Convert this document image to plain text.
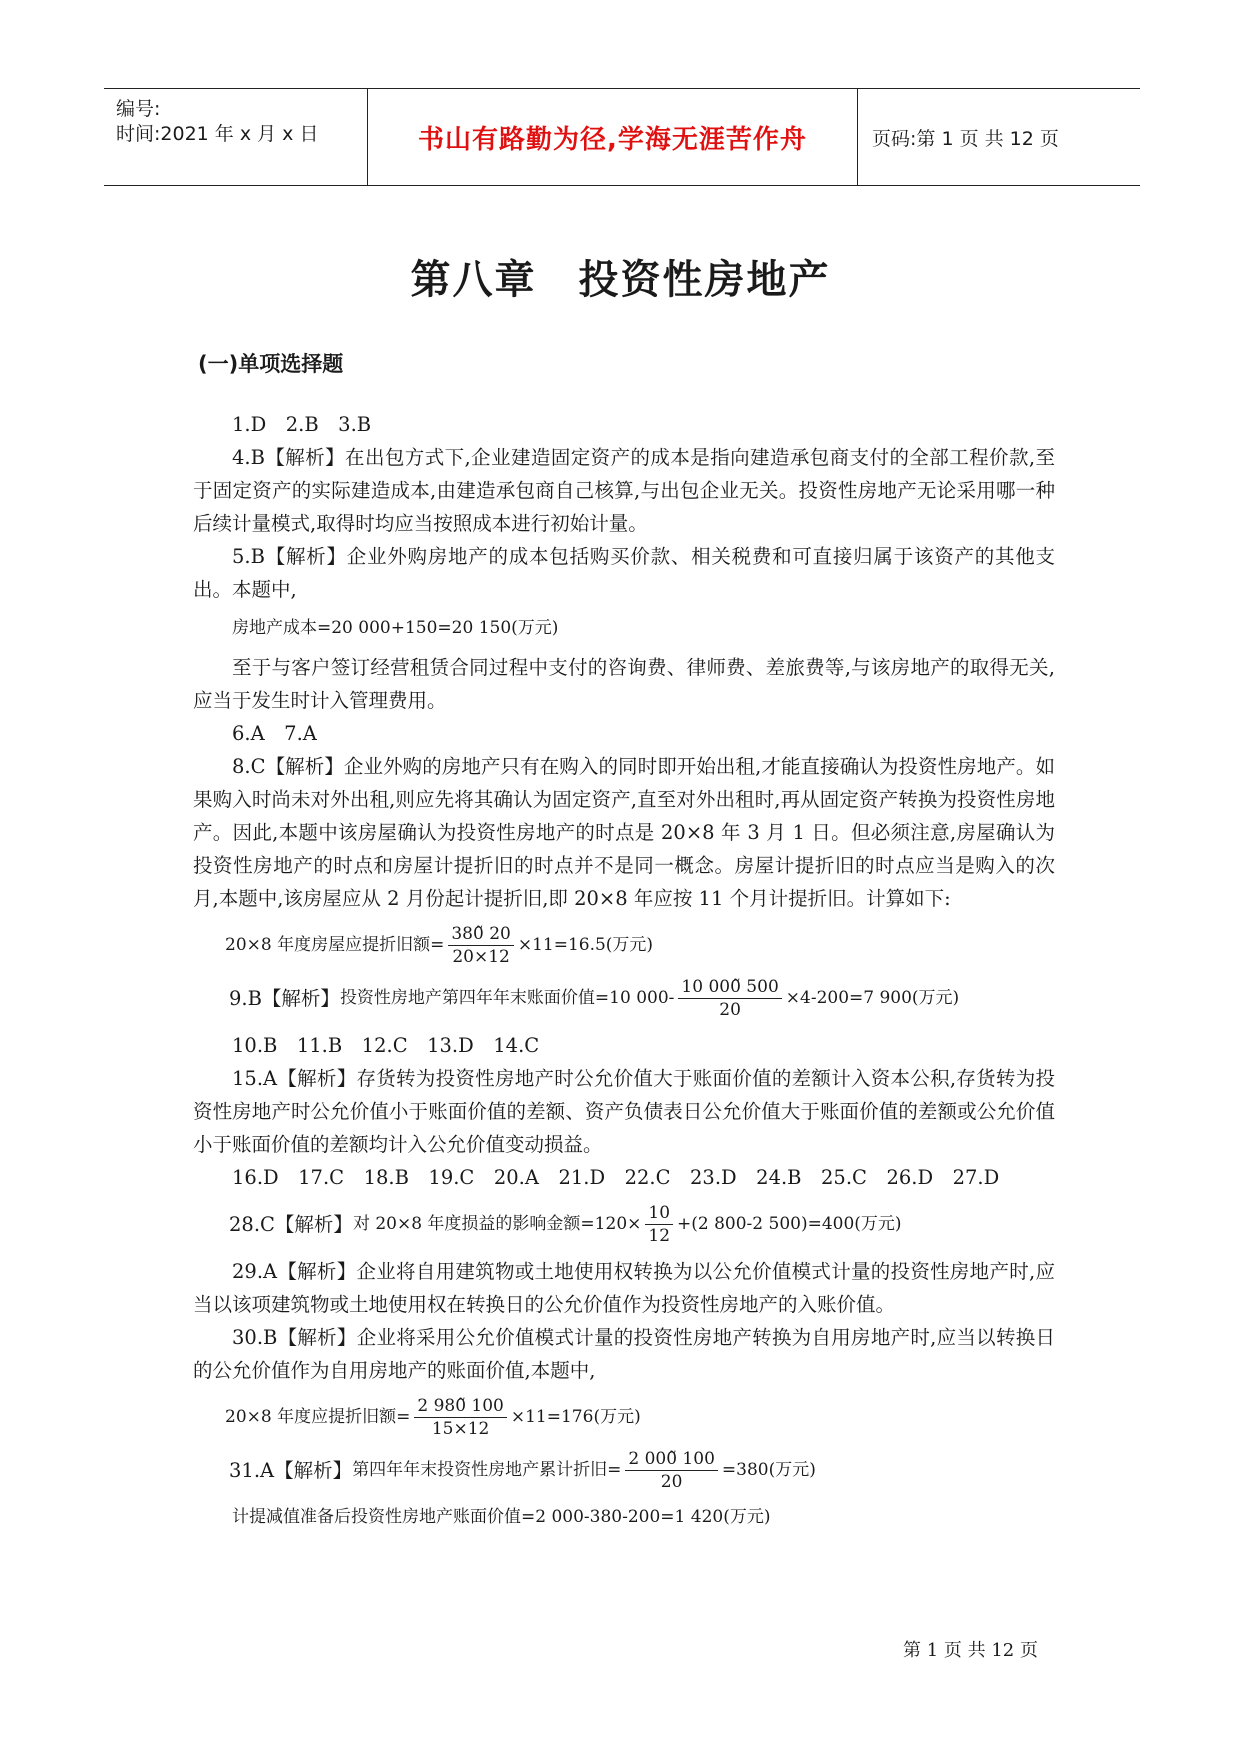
编号:
时间:2021 年 x 月 x 日	书山有路勤为径,学海无涯苦作舟	页码:第 1 页 共 12 页
第八章　投资性房地产
(一)单项选择题

1.D　2.B　3.B

4.B【解析】在出包方式下,企业建造固定资产的成本是指向建造承包商支付的全部工程价款,至于固定资产的实际建造成本,由建造承包商自己核算,与出包企业无关。投资性房地产无论采用哪一种后续计量模式,取得时均应当按照成本进行初始计量。

5.B【解析】企业外购房地产的成本包括购买价款、相关税费和可直接归属于该资产的其他支出。本题中,

房地产成本=20 000+150=20 150(万元)

至于与客户签订经营租赁合同过程中支付的咨询费、律师费、差旅费等,与该房地产的取得无关,应当于发生时计入管理费用。

6.A　7.A

8.C【解析】企业外购的房地产只有在购入的同时即开始出租,才能直接确认为投资性房地产。如果购入时尚未对外出租,则应先将其确认为固定资产,直至对外出租时,再从固定资产转换为投资性房地产。因此,本题中该房屋确认为投资性房地产的时点是 20×8 年 3 月 1 日。但必须注意,房屋确认为投资性房地产的时点和房屋计提折旧的时点并不是同一概念。房屋计提折旧的时点应当是购入的次月,本题中,该房屋应从 2 月份起计提折旧,即 20×8 年应按 11 个月计提折旧。计算如下:

20×8 年度房屋应提折旧额= $\frac{380̃ 20}{20\times 12} \times 11=16.5$(万元)
9.B【解析】 投资性房地产第四年年末账面价值=10 $000- \frac{10 000̃ 500}{20} \times 4-200=7$ 900(万元)

10.B　11.B　12.C　13.D　14.C

15.A【解析】存货转为投资性房地产时公允价值大于账面价值的差额计入资本公积,存货转为投资性房地产时公允价值小于账面价值的差额、资产负债表日公允价值大于账面价值的差额或公允价值小于账面价值的差额均计入公允价值变动损益。

16.D　17.C　18.B　19.C　20.A　21.D　22.C　23.D　24.B　25.C　26.D　27.D

28.C【解析】 对 20×8 年度损益的影响金额$=120\times \frac{10}{12} +(2$ 800-2 500)=400(万元)

29.A【解析】企业将自用建筑物或土地使用权转换为以公允价值模式计量的投资性房地产时,应当以该项建筑物或土地使用权在转换日的公允价值作为投资性房地产的入账价值。

30.B【解析】企业将采用公允价值模式计量的投资性房地产转换为自用房地产时,应当以转换日的公允价值作为自用房地产的账面价值,本题中,

20×8 年度应提折旧额= $\frac{2 980̃ 100}{15\times 12} \times 11=176$(万元)
31.A【解析】 第四年年末投资性房地产累计折旧= $\frac{2 000̃ 100}{20} =380$(万元)

计提减值准备后投资性房地产账面价值=2 000-380-200=1 420(万元)

第 1 页 共 12 页
